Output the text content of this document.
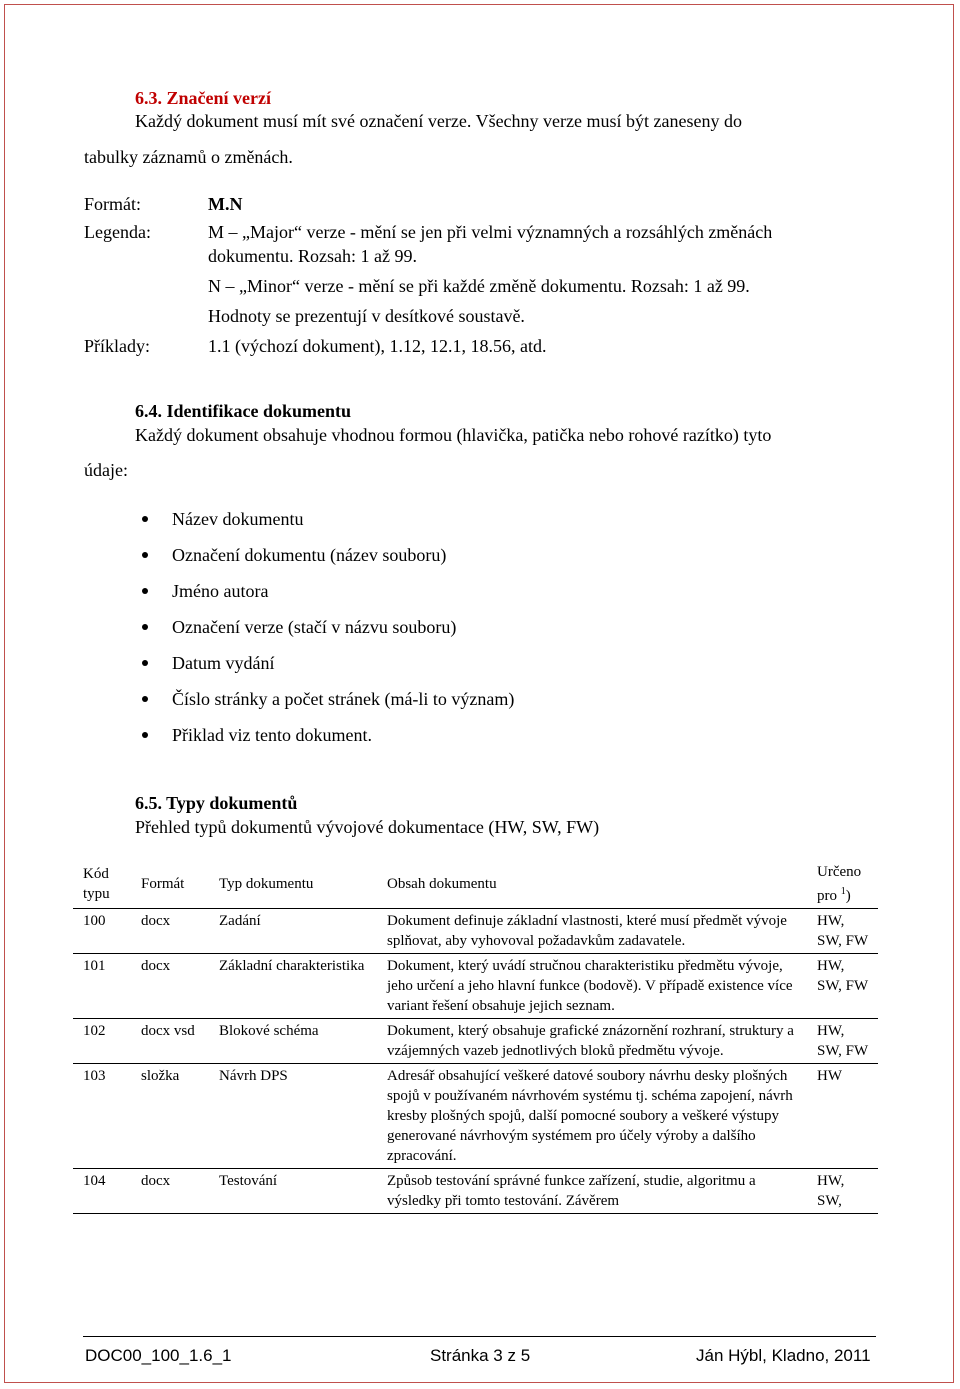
6.3. Značení verzí
Každý dokument musí mít své označení verze. Všechny verze musí být zaneseny do
tabulky záznamů o změnách.
Formát:	M.N
Legenda:	M – „Major“ verze - mění se jen při velmi významných a rozsáhlých změnách
dokumentu. Rozsah: 1 až 99.
N – „Minor“ verze - mění se při každé změně dokumentu. Rozsah: 1 až 99.
Hodnoty se prezentují v desítkové soustavě.
Příklady:	1.1 (výchozí dokument), 1.12, 12.1, 18.56, atd.
6.4. Identifikace dokumentu
Každý dokument obsahuje vhodnou formou (hlavička, patička nebo rohové razítko) tyto
údaje:
Název dokumentu
Označení dokumentu (název souboru)
Jméno autora
Označení verze (stačí v názvu souboru)
Datum vydání
Číslo stránky a počet stránek (má-li to význam)
Přiklad viz tento dokument.
6.5. Typy dokumentů
Přehled typů dokumentů vývojové dokumentace (HW, SW, FW)
Kód typu	Formát	Typ dokumentu	Obsah dokumentu	Určeno pro $^1$)
100	docx	Zadání	Dokument definuje základní vlastnosti, které musí předmět vývoje splňovat, aby vyhovoval požadavkům zadavatele.	HW, SW, FW
101	docx	Základní charakteristika	Dokument, který uvádí stručnou charakteristiku předmětu vývoje, jeho určení a jeho hlavní funkce (bodově). V případě existence více variant řešení obsahuje jejich seznam.	HW, SW, FW
102	docx vsd	Blokové schéma	Dokument, který obsahuje grafické znázornění rozhraní, struktury a vzájemných vazeb jednotlivých bloků předmětu vývoje.	HW, SW, FW
103	složka	Návrh DPS	Adresář obsahující veškeré datové soubory návrhu desky plošných spojů v používaném návrhovém systému tj. schéma zapojení, návrh kresby plošných spojů, další pomocné soubory a veškeré výstupy generované návrhovým systémem pro účely výroby a dalšího zpracování.	HW
104	docx	Testování	Způsob testování správné funkce zařízení, studie, algoritmu a výsledky při tomto testování. Závěrem	HW, SW,
DOC00_100_1.6_1	Stránka 3 z 5	Ján Hýbl, Kladno, 2011
